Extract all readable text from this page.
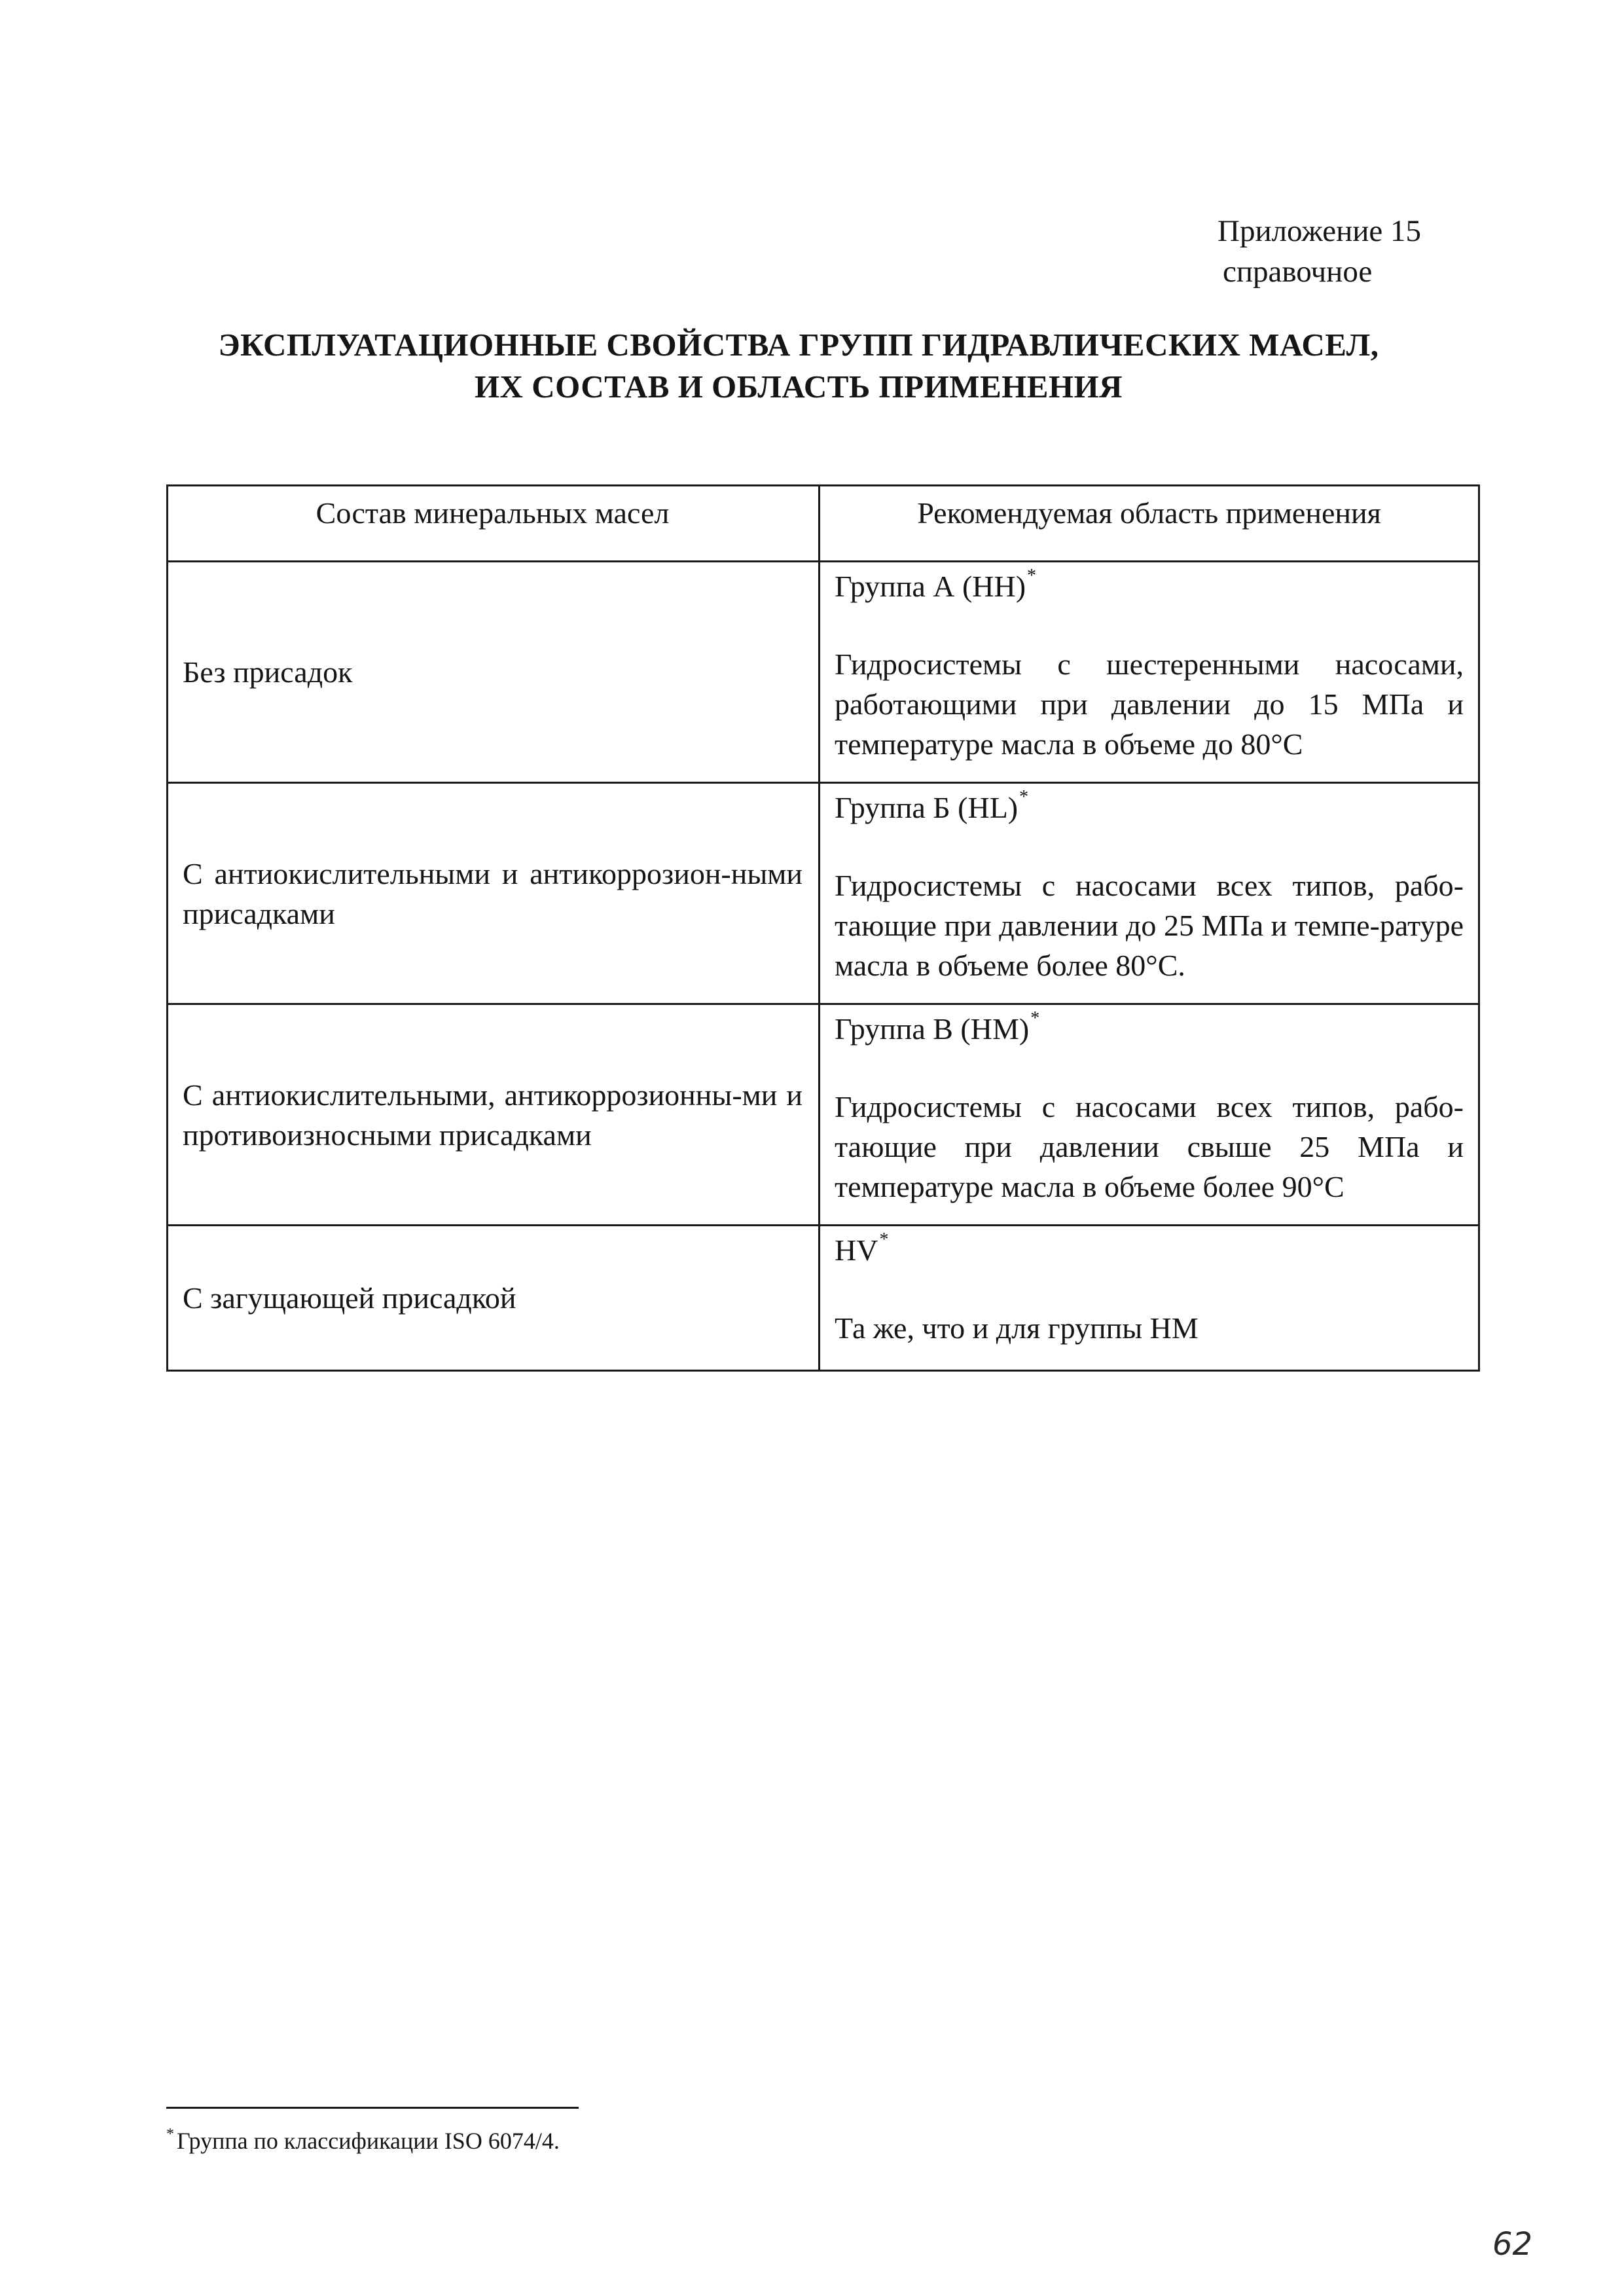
Приложение 15
справочное
ЭКСПЛУАТАЦИОННЫЕ СВОЙСТВА ГРУПП ГИДРАВЛИЧЕСКИХ МАСЕЛ,
ИХ СОСТАВ И ОБЛАСТЬ ПРИМЕНЕНИЯ
Состав минеральных масел	Рекомендуемая область применения
Без присадок
Группа А (НН)*
Гидросистемы с шестеренными насосами, работающими при давлении до 15 МПа и температуре масла в объеме до 80°С
С антиокислительными и антикоррозион-ными присадками
Группа Б (HL)*
Гидросистемы с насосами всех типов, рабо-тающие при давлении до 25 МПа и темпе-ратуре масла в объеме более 80°С.
С антиокислительными, антикоррозионны-ми и противоизносными присадками
Группа В (НМ)*
Гидросистемы с насосами всех типов, рабо-тающие при давлении свыше 25 МПа и температуре масла в объеме более 90°С
С загущающей присадкой
HV*
Та же, что и для группы НМ
* Группа по классификации ISO 6074/4.
62
